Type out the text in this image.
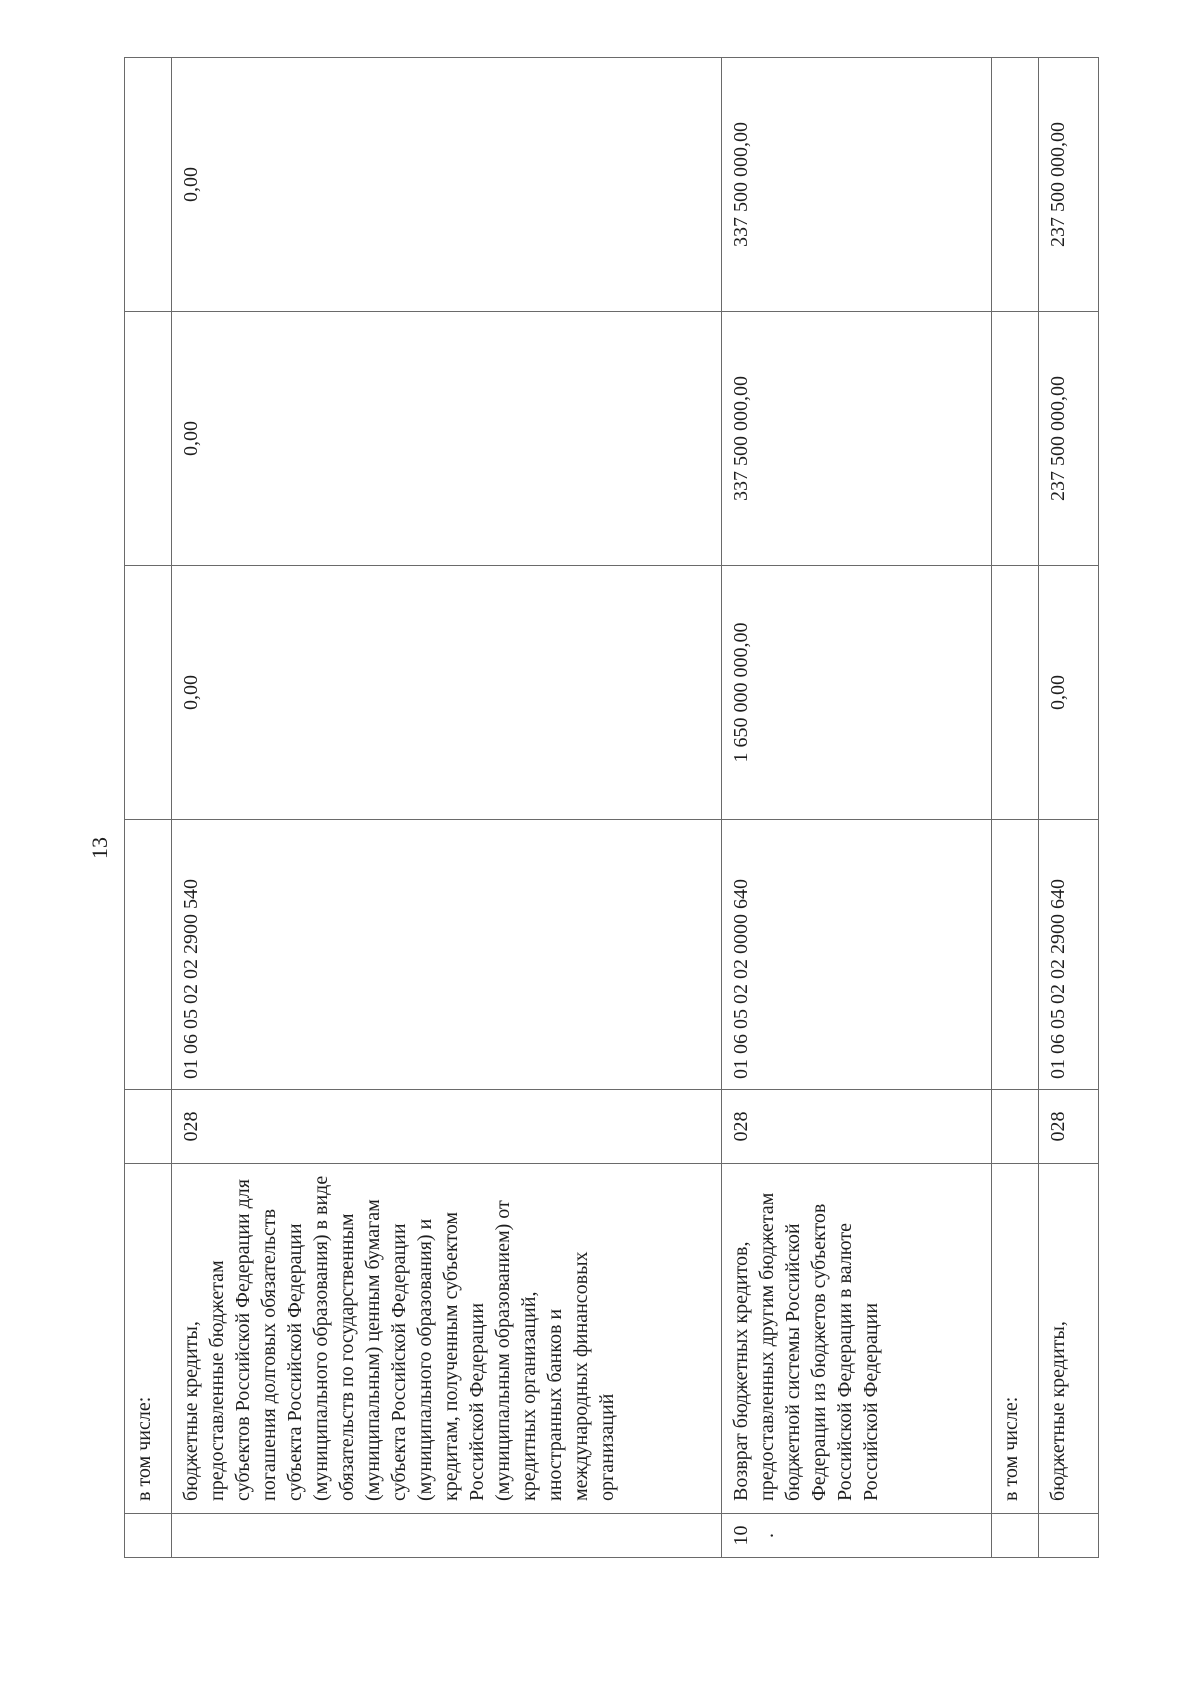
13
	в том числе:					
	бюджетные кредиты, предоставленные бюджетам субъектов Российской Федерации для погашения долговых обязательств субъекта Российской Федерации (муниципального образования) в виде обязательств по государственным (муниципальным) ценным бумагам субъекта Российской Федерации (муниципального образования) и кредитам, полученным субъектом Российской Федерации (муниципальным образованием) от кредитных организаций, иностранных банков и международных финансовых организаций	028	01 06 05 02 02 2900 540	0,00	0,00	0,00
10.	Возврат бюджетных кредитов, предоставленных другим бюджетам бюджетной системы Российской Федерации из бюджетов субъектов Российской Федерации в валюте Российской Федерации	028	01 06 05 02 02 0000 640	1 650 000 000,00	337 500 000,00	337 500 000,00
	в том числе:					
	бюджетные кредиты,	028	01 06 05 02 02 2900 640	0,00	237 500 000,00	237 500 000,00
